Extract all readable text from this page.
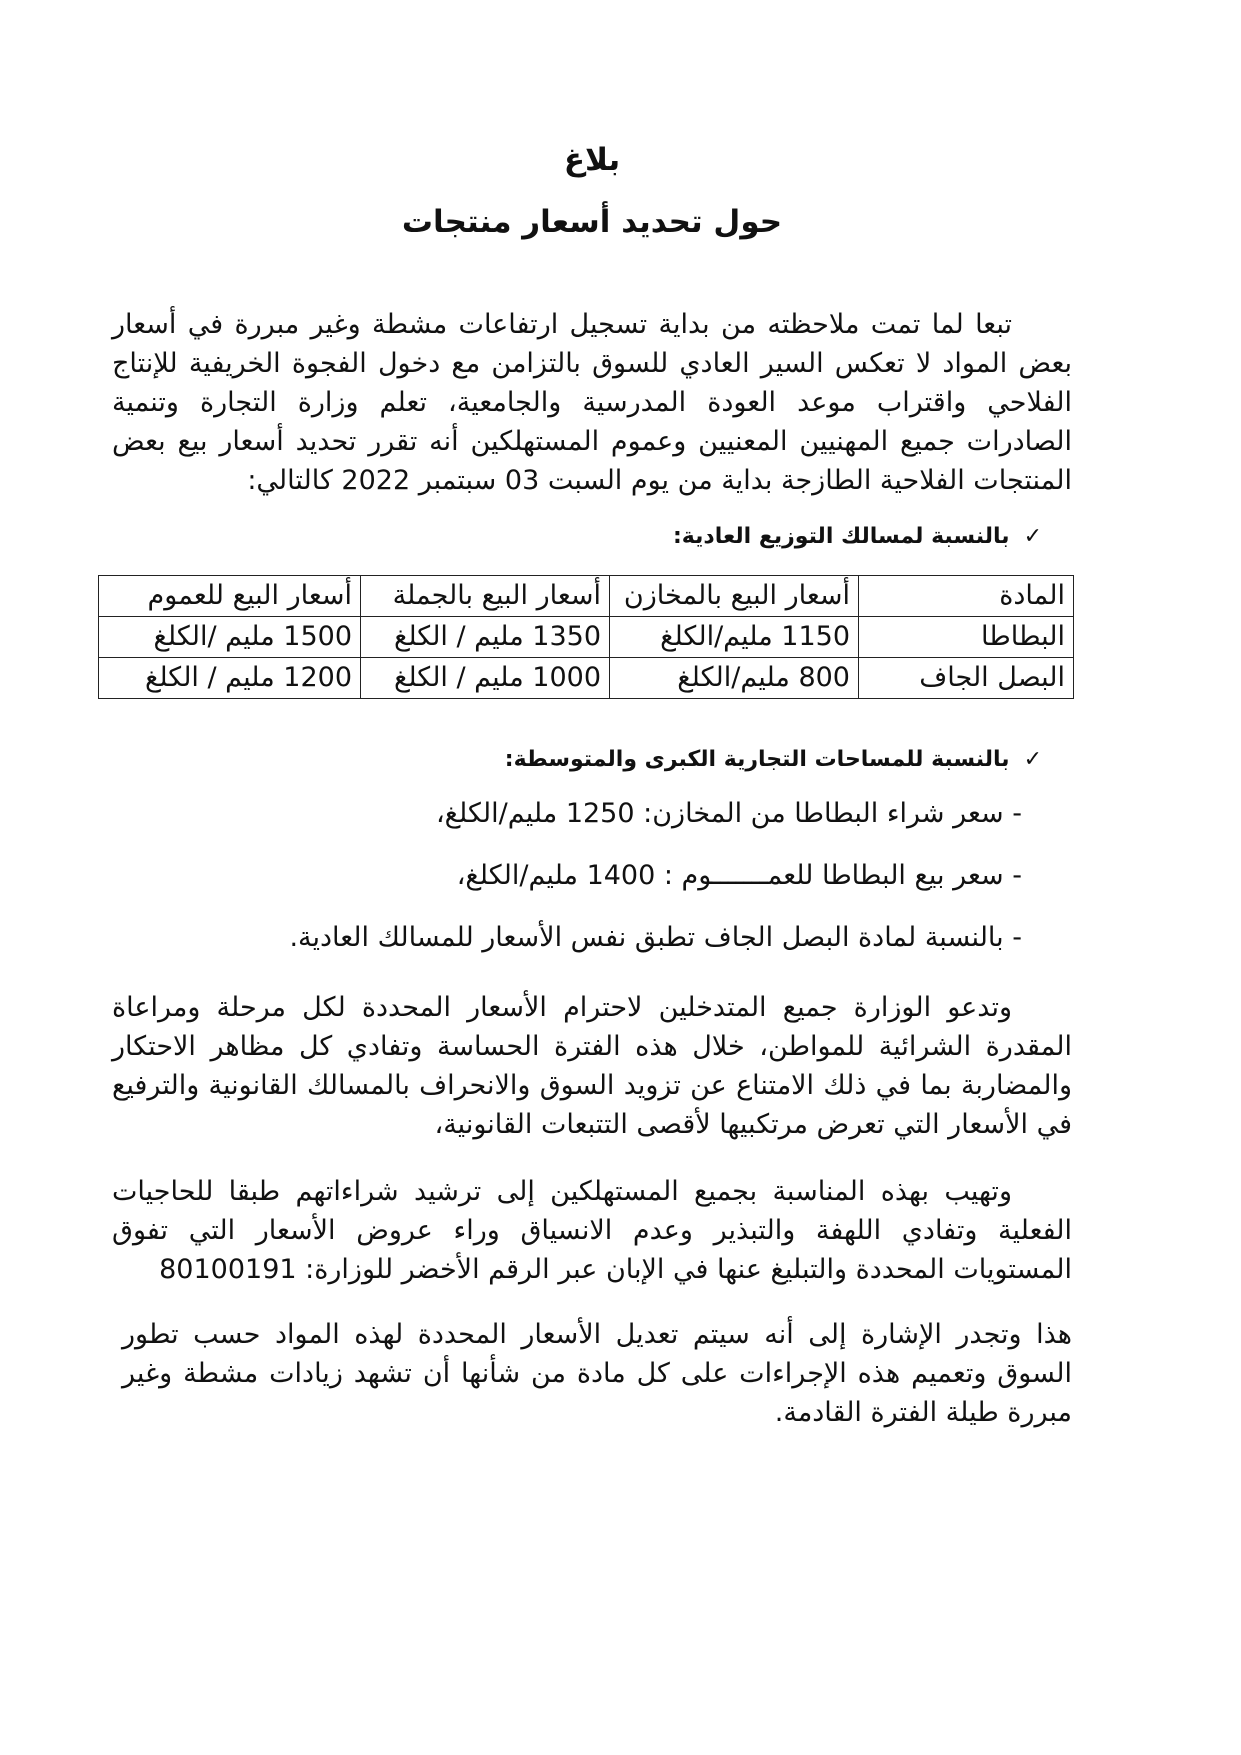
بلاغ
حول تحديد أسعار منتجات

تبعا لما تمت ملاحظته من بداية تسجيل ارتفاعات مشطة وغير مبررة في أسعار بعض المواد لا تعكس السير العادي للسوق بالتزامن مع دخول الفجوة الخريفية للإنتاج الفلاحي واقتراب موعد العودة المدرسية والجامعية، تعلم وزارة التجارة وتنمية الصادرات جميع المهنيين المعنيين وعموم المستهلكين أنه تقرر تحديد أسعار بيع بعض المنتجات الفلاحية الطازجة بداية من يوم السبت 03 سبتمبر 2022 كالتالي:

✓
بالنسبة لمسالك التوزيع العادية:

المادة	أسعار البيع بالمخازن	أسعار البيع بالجملة	أسعار البيع للعموم
البطاطا	1150 مليم/الكلغ	1350 مليم / الكلغ	1500 مليم /الكلغ
البصل الجاف	800 مليم/الكلغ	1000 مليم / الكلغ	1200 مليم / الكلغ

✓
بالنسبة للمساحات التجارية الكبرى والمتوسطة:

- سعر شراء البطاطا من المخازن: 1250 مليم/الكلغ،
- سعر بيع البطاطا للعمـــــــوم : 1400 مليم/الكلغ،
- بالنسبة لمادة البصل الجاف تطبق نفس الأسعار للمسالك العادية.

وتدعو الوزارة جميع المتدخلين لاحترام الأسعار المحددة لكل مرحلة ومراعاة المقدرة الشرائية للمواطن، خلال هذه الفترة الحساسة وتفادي كل مظاهر الاحتكار والمضاربة بما في ذلك الامتناع عن تزويد السوق والانحراف بالمسالك القانونية والترفيع في الأسعار التي تعرض مرتكبيها لأقصى التتبعات القانونية،

وتهيب بهذه المناسبة بجميع المستهلكين إلى ترشيد شراءاتهم طبقا للحاجيات الفعلية وتفادي اللهفة والتبذير وعدم الانسياق وراء عروض الأسعار التي تفوق المستويات المحددة والتبليغ عنها في الإبان عبر الرقم الأخضر للوزارة: 80100191

هذا وتجدر الإشارة إلى أنه سيتم تعديل الأسعار المحددة لهذه المواد حسب تطور السوق وتعميم هذه الإجراءات على كل مادة من شأنها أن تشهد زيادات مشطة وغير مبررة طيلة الفترة القادمة.
